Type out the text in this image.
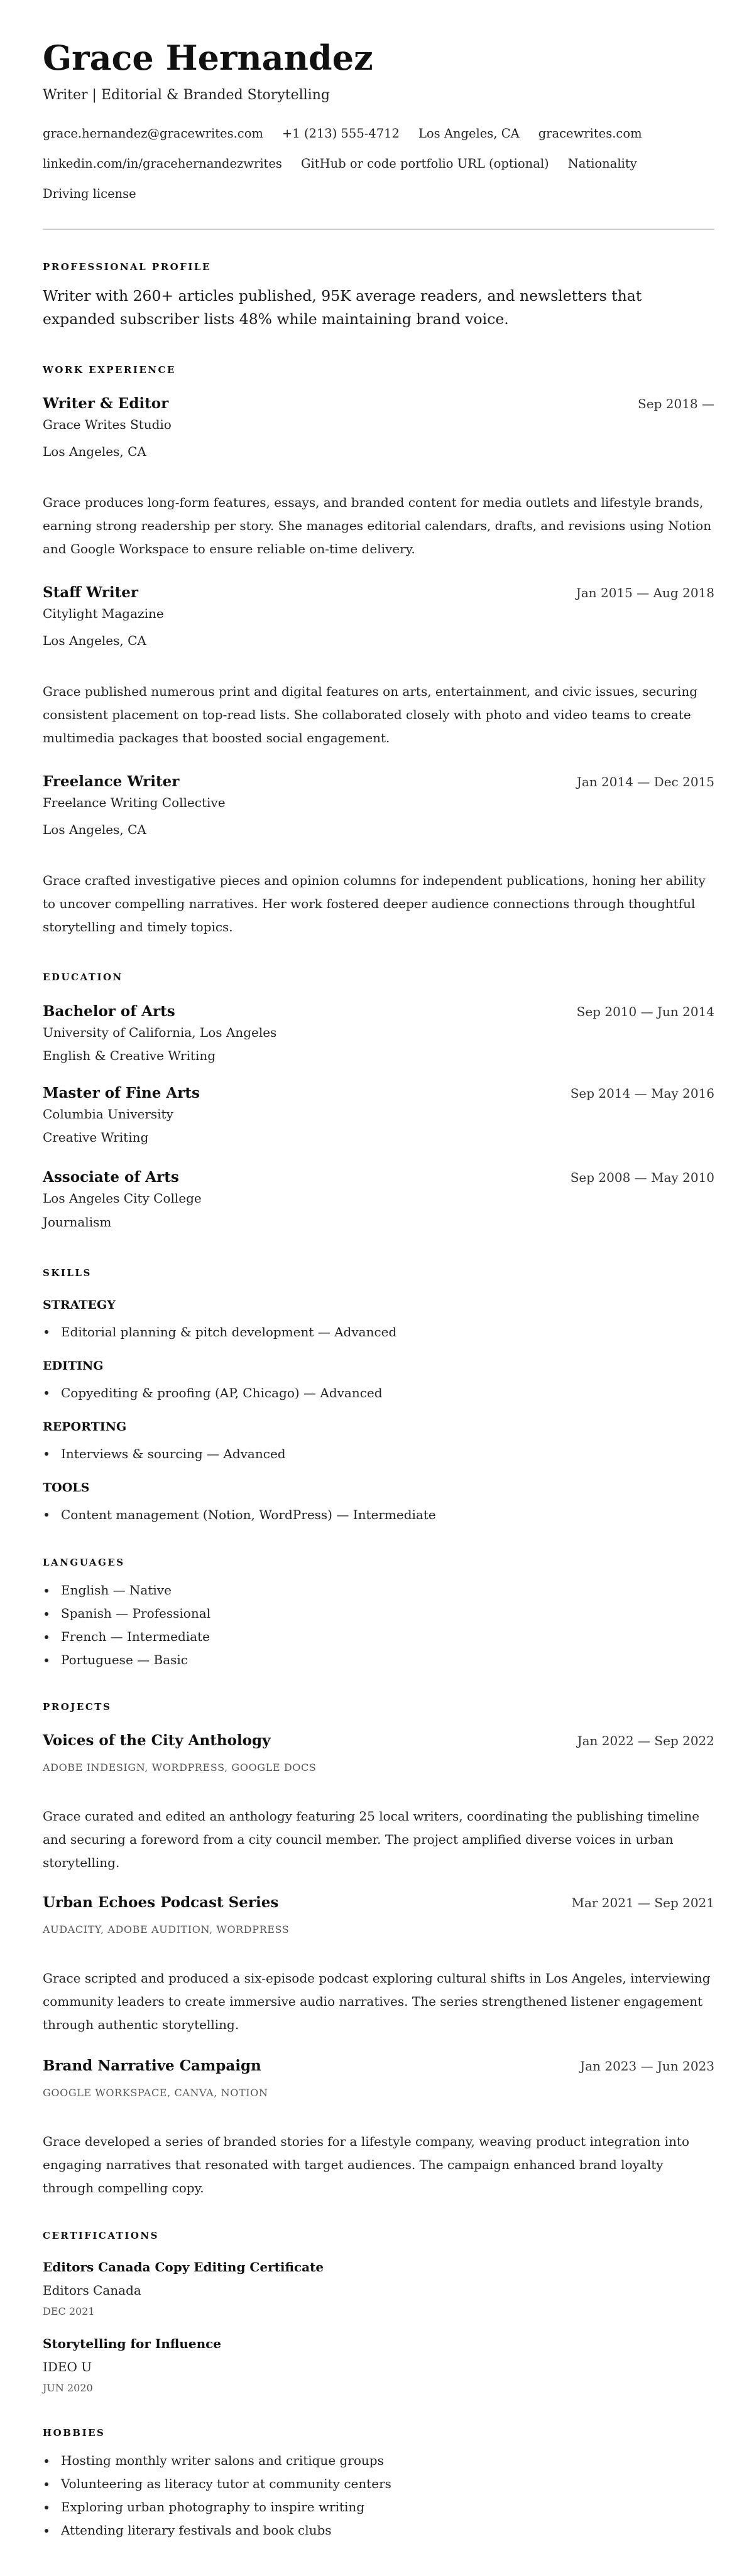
Grace Hernandez
Writer | Editorial & Branded Storytelling
grace.hernandez@gracewrites.com +1 (213) 555-4712 Los Angeles, CA gracewrites.com
linkedin.com/in/gracehernandezwrites GitHub or code portfolio URL (optional) Nationality
Driving license
PROFESSIONAL PROFILE

Writer with 260+ articles published, 95K average readers, and newsletters that expanded subscriber lists 48% while maintaining brand voice.

WORK EXPERIENCE
Writer & Editor	Sep 2018 —
Grace Writes Studio
Los Angeles, CA

Grace produces long-form features, essays, and branded content for media outlets and lifestyle brands, earning strong readership per story. She manages editorial calendars, drafts, and revisions using Notion and Google Workspace to ensure reliable on-time delivery.

Staff Writer	Jan 2015 — Aug 2018
Citylight Magazine
Los Angeles, CA

Grace published numerous print and digital features on arts, entertainment, and civic issues, securing consistent placement on top-read lists. She collaborated closely with photo and video teams to create multimedia packages that boosted social engagement.

Freelance Writer	Jan 2014 — Dec 2015
Freelance Writing Collective
Los Angeles, CA

Grace crafted investigative pieces and opinion columns for independent publications, honing her ability to uncover compelling narratives. Her work fostered deeper audience connections through thoughtful storytelling and timely topics.

EDUCATION
Bachelor of Arts	Sep 2010 — Jun 2014
University of California, Los Angeles
English & Creative Writing
Master of Fine Arts	Sep 2014 — May 2016
Columbia University
Creative Writing
Associate of Arts	Sep 2008 — May 2010
Los Angeles City College
Journalism
SKILLS
STRATEGY
Editorial planning & pitch development — Advanced
EDITING
Copyediting & proofing (AP, Chicago) — Advanced
REPORTING
Interviews & sourcing — Advanced
TOOLS
Content management (Notion, WordPress) — Intermediate
LANGUAGES
English — Native
Spanish — Professional
French — Intermediate
Portuguese — Basic
PROJECTS
Voices of the City Anthology	Jan 2022 — Sep 2022
ADOBE INDESIGN, WORDPRESS, GOOGLE DOCS

Grace curated and edited an anthology featuring 25 local writers, coordinating the publishing timeline and securing a foreword from a city council member. The project amplified diverse voices in urban storytelling.

Urban Echoes Podcast Series	Mar 2021 — Sep 2021
AUDACITY, ADOBE AUDITION, WORDPRESS

Grace scripted and produced a six-episode podcast exploring cultural shifts in Los Angeles, interviewing community leaders to create immersive audio narratives. The series strengthened listener engagement through authentic storytelling.

Brand Narrative Campaign	Jan 2023 — Jun 2023
GOOGLE WORKSPACE, CANVA, NOTION

Grace developed a series of branded stories for a lifestyle company, weaving product integration into engaging narratives that resonated with target audiences. The campaign enhanced brand loyalty through compelling copy.

CERTIFICATIONS
Editors Canada Copy Editing Certificate
Editors Canada
DEC 2021
Storytelling for Influence
IDEO U
JUN 2020
HOBBIES
Hosting monthly writer salons and critique groups
Volunteering as literacy tutor at community centers
Exploring urban photography to inspire writing
Attending literary festivals and book clubs
